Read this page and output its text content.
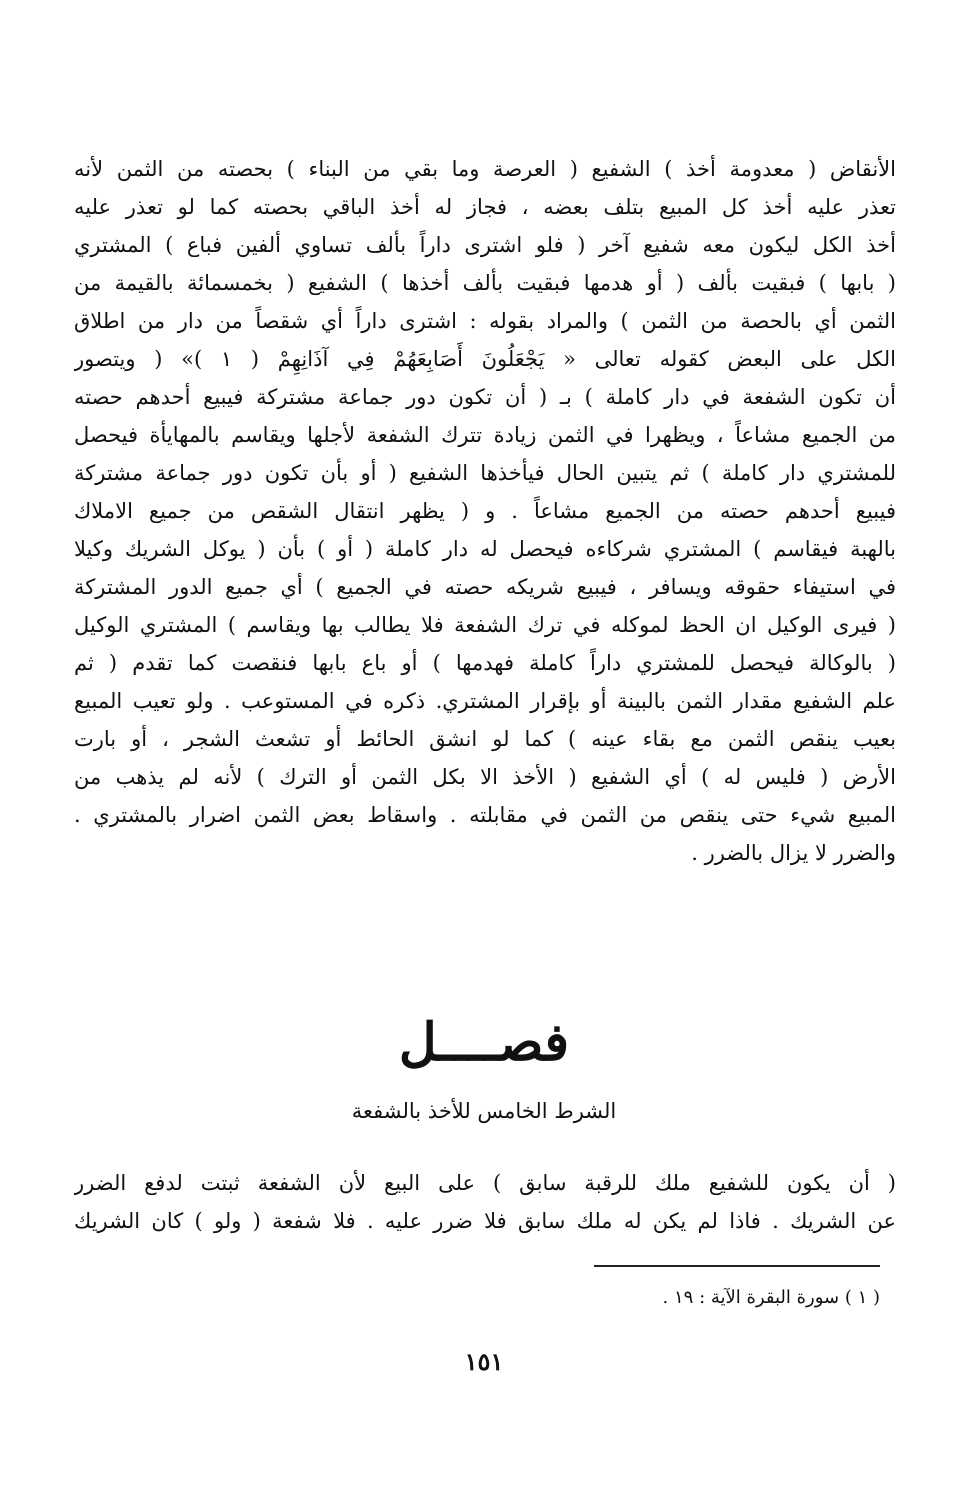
الأنقاض ( معدومة أخذ ) الشفيع ( العرصة وما بقي من البناء ) بحصته من الثمن لأنه
تعذر عليه أخذ كل المبيع بتلف بعضه ، فجاز له أخذ الباقي بحصته كما لو تعذر عليه
أخذ الكل ليكون معه شفيع آخر ( فلو اشترى داراً بألف تساوي ألفين فباع ) المشتري
( بابها ) فبقيت بألف ( أو هدمها فبقيت بألف أخذها ) الشفيع ( بخمسمائة بالقيمة من
الثمن أي بالحصة من الثمن ) والمراد بقوله : اشترى داراً أي شقصاً من دار من اطلاق
الكل على البعض كقوله تعالى « يَجْعَلُونَ أَصَابِعَهُمْ فِي آذَانِهِمْ ( ١ )» ( ويتصور
أن تكون الشفعة في دار كاملة ) بـ ( أن تكون دور جماعة مشتركة فيبيع أحدهم حصته
من الجميع مشاعاً ، ويظهرا في الثمن زيادة تترك الشفعة لأجلها ويقاسم بالمهايأة فيحصل
للمشتري دار كاملة ) ثم يتبين الحال فيأخذها الشفيع ( أو بأن تكون دور جماعة مشتركة
فيبيع أحدهم حصته من الجميع مشاعاً . و ( يظهر انتقال الشقص من جميع الاملاك
بالهبة فيقاسم ) المشتري شركاءه فيحصل له دار كاملة ( أو ) بأن ( يوكل الشريك وكيلا
في استيفاء حقوقه ويسافر ، فيبيع شريكه حصته في الجميع ) أي جميع الدور المشتركة
( فيرى الوكيل ان الحظ لموكله في ترك الشفعة فلا يطالب بها ويقاسم ) المشتري الوكيل
( بالوكالة فيحصل للمشتري داراً كاملة فهدمها ) أو باع بابها فنقصت كما تقدم ( ثم
علم الشفيع مقدار الثمن بالبينة أو بإقرار المشتري. ذكره في المستوعب . ولو تعيب المبيع
بعيب ينقص الثمن مع بقاء عينه ) كما لو انشق الحائط أو تشعث الشجر ، أو بارت
الأرض ( فليس له ) أي الشفيع ( الأخذ الا بكل الثمن أو الترك ) لأنه لم يذهب من
المبيع شيء حتى ينقص من الثمن في مقابلته . واسقاط بعض الثمن اضرار بالمشتري .
والضرر لا يزال بالضرر .
فصــــل
الشرط الخامس للأخذ بالشفعة
( أن يكون للشفيع ملك للرقبة سابق ) على البيع لأن الشفعة ثبتت لدفع الضرر
عن الشريك . فاذا لم يكن له ملك سابق فلا ضرر عليه . فلا شفعة ( ولو ) كان الشريك
( ١ ) سورة البقرة الآية : ١٩ .
١٥١
